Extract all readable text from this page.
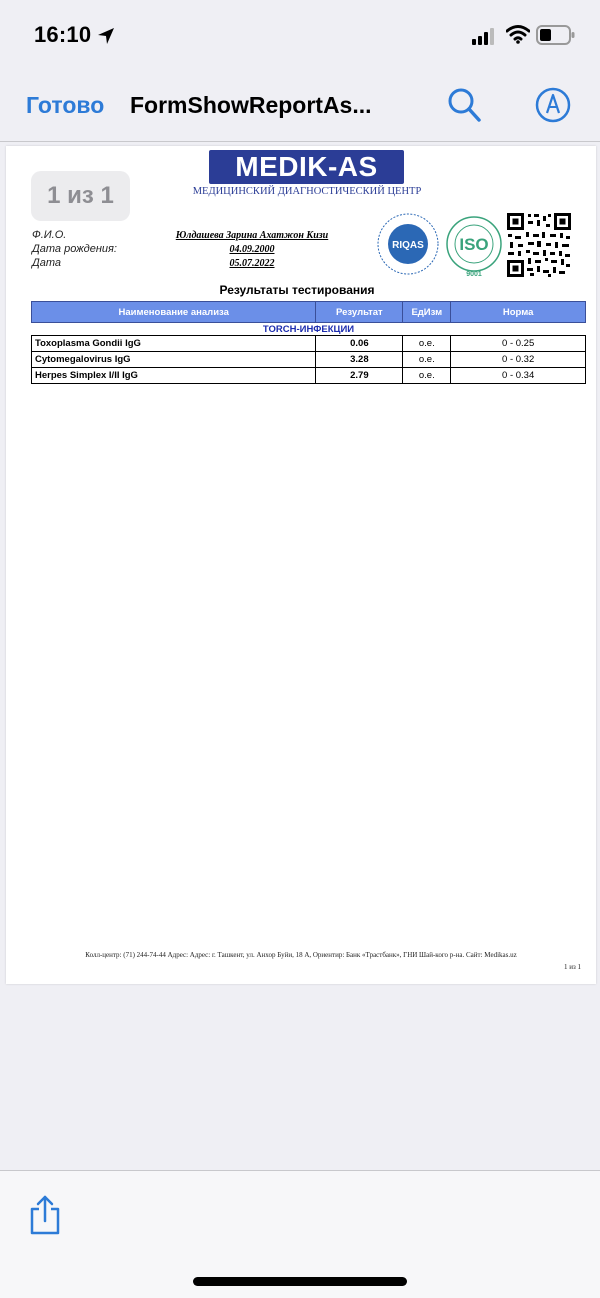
16:10
Готово FormShowReportAs...
1 из 1
MEDIK-AS
МЕДИЦИНСКИЙ ДИАГНОСТИЧЕСКИЙ ЦЕНТР
Ф.И.О.	Юлдашева Зарина Ахатжон Кизи
Дата рождения:	04.09.2000
Дата	05.07.2022
RIQAS ISO
9001
Результаты тестирования
Наименование анализа	Результат	ЕдИзм	Норма
TORCH-ИНФЕКЦИИ			
Toxoplasma Gondii IgG	0.06	о.е.	0 - 0.25
Cytomegalovirus IgG	3.28	о.е.	0 - 0.32
Herpes Simplex I/II IgG	2.79	о.е.	0 - 0.34
Колл-центр: (71) 244-74-44 Адрес: Адрес: г. Ташкент, ул. Анхор Буйи, 18 А, Ориентир: Банк «Трастбанк», ГНИ Шай-кого р-на. Сайт: Medikas.uz
1 из 1
